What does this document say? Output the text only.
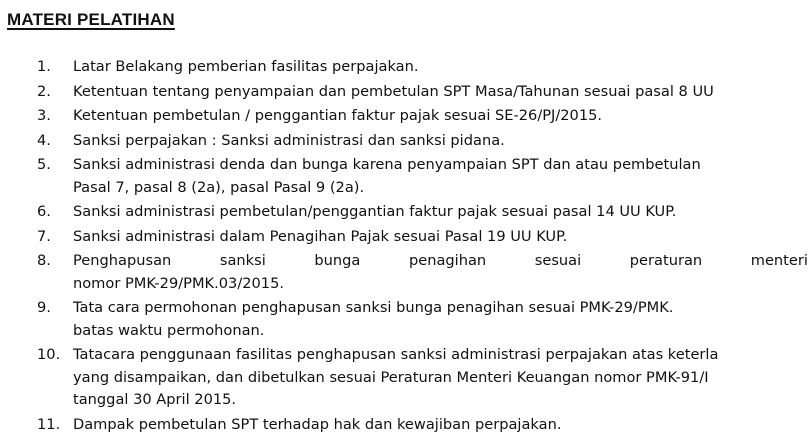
MATERI PELATIHAN
1.	Latar Belakang pemberian fasilitas perpajakan.
2.	Ketentuan tentang penyampaian dan pembetulan SPT Masa/Tahunan sesuai pasal 8 UU
3.	Ketentuan pembetulan / penggantian faktur pajak sesuai SE-26/PJ/2015.
4.	Sanksi perpajakan : Sanksi administrasi dan sanksi pidana.
5.	Sanksi administrasi denda dan bunga karena penyampaian SPT dan atau pembetulan
Pasal 7, pasal 8 (2a), pasal Pasal 9 (2a).
6.	Sanksi administrasi pembetulan/penggantian faktur pajak sesuai pasal 14 UU KUP.
7.	Sanksi administrasi dalam Penagihan Pajak sesuai Pasal 19 UU KUP.
8.	Penghapusan	sanksi	bunga	penagihan	sesuai	peraturan	menteri
nomor PMK-29/PMK.03/2015.
9.	Tata cara permohonan penghapusan sanksi bunga penagihan sesuai PMK-29/PMK.
batas waktu permohonan.
10. Tatacara penggunaan fasilitas penghapusan sanksi administrasi perpajakan atas keterla
yang disampaikan, dan dibetulkan sesuai Peraturan Menteri Keuangan nomor PMK-91/I
tanggal 30 April 2015.
11. Dampak pembetulan SPT terhadap hak dan kewajiban perpajakan.
